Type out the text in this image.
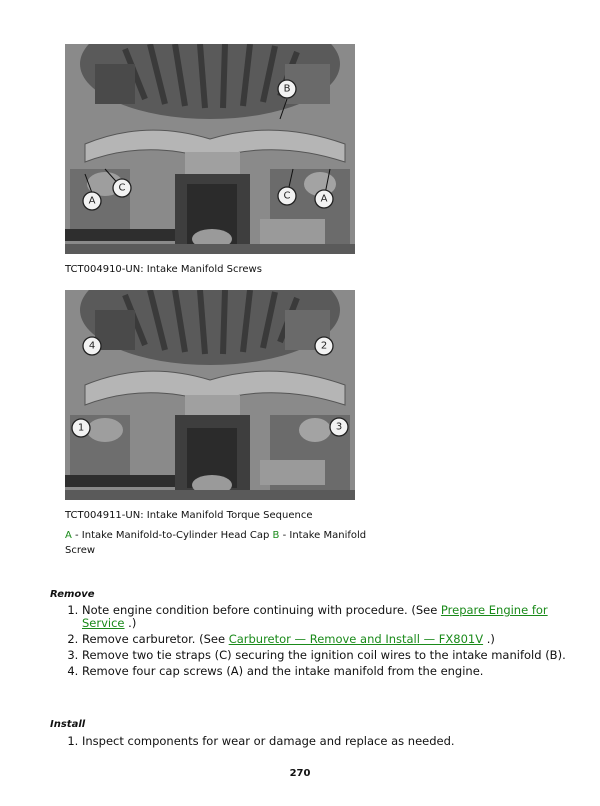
B
C
A	C	A
TCT004910-UN: Intake Manifold Screws
4	2
1	3
TCT004911-UN: Intake Manifold Torque Sequence
A - Intake Manifold-to-Cylinder Head Cap B - Intake Manifold Screw
Remove
1. Note engine condition before continuing with procedure. (See Prepare Engine for Service .)
2. Remove carburetor. (See Carburetor — Remove and Install — FX801V .)
3. Remove two tie straps (C) securing the ignition coil wires to the intake manifold (B).
4. Remove four cap screws (A) and the intake manifold from the engine.
Install
1. Inspect components for wear or damage and replace as needed.
270
